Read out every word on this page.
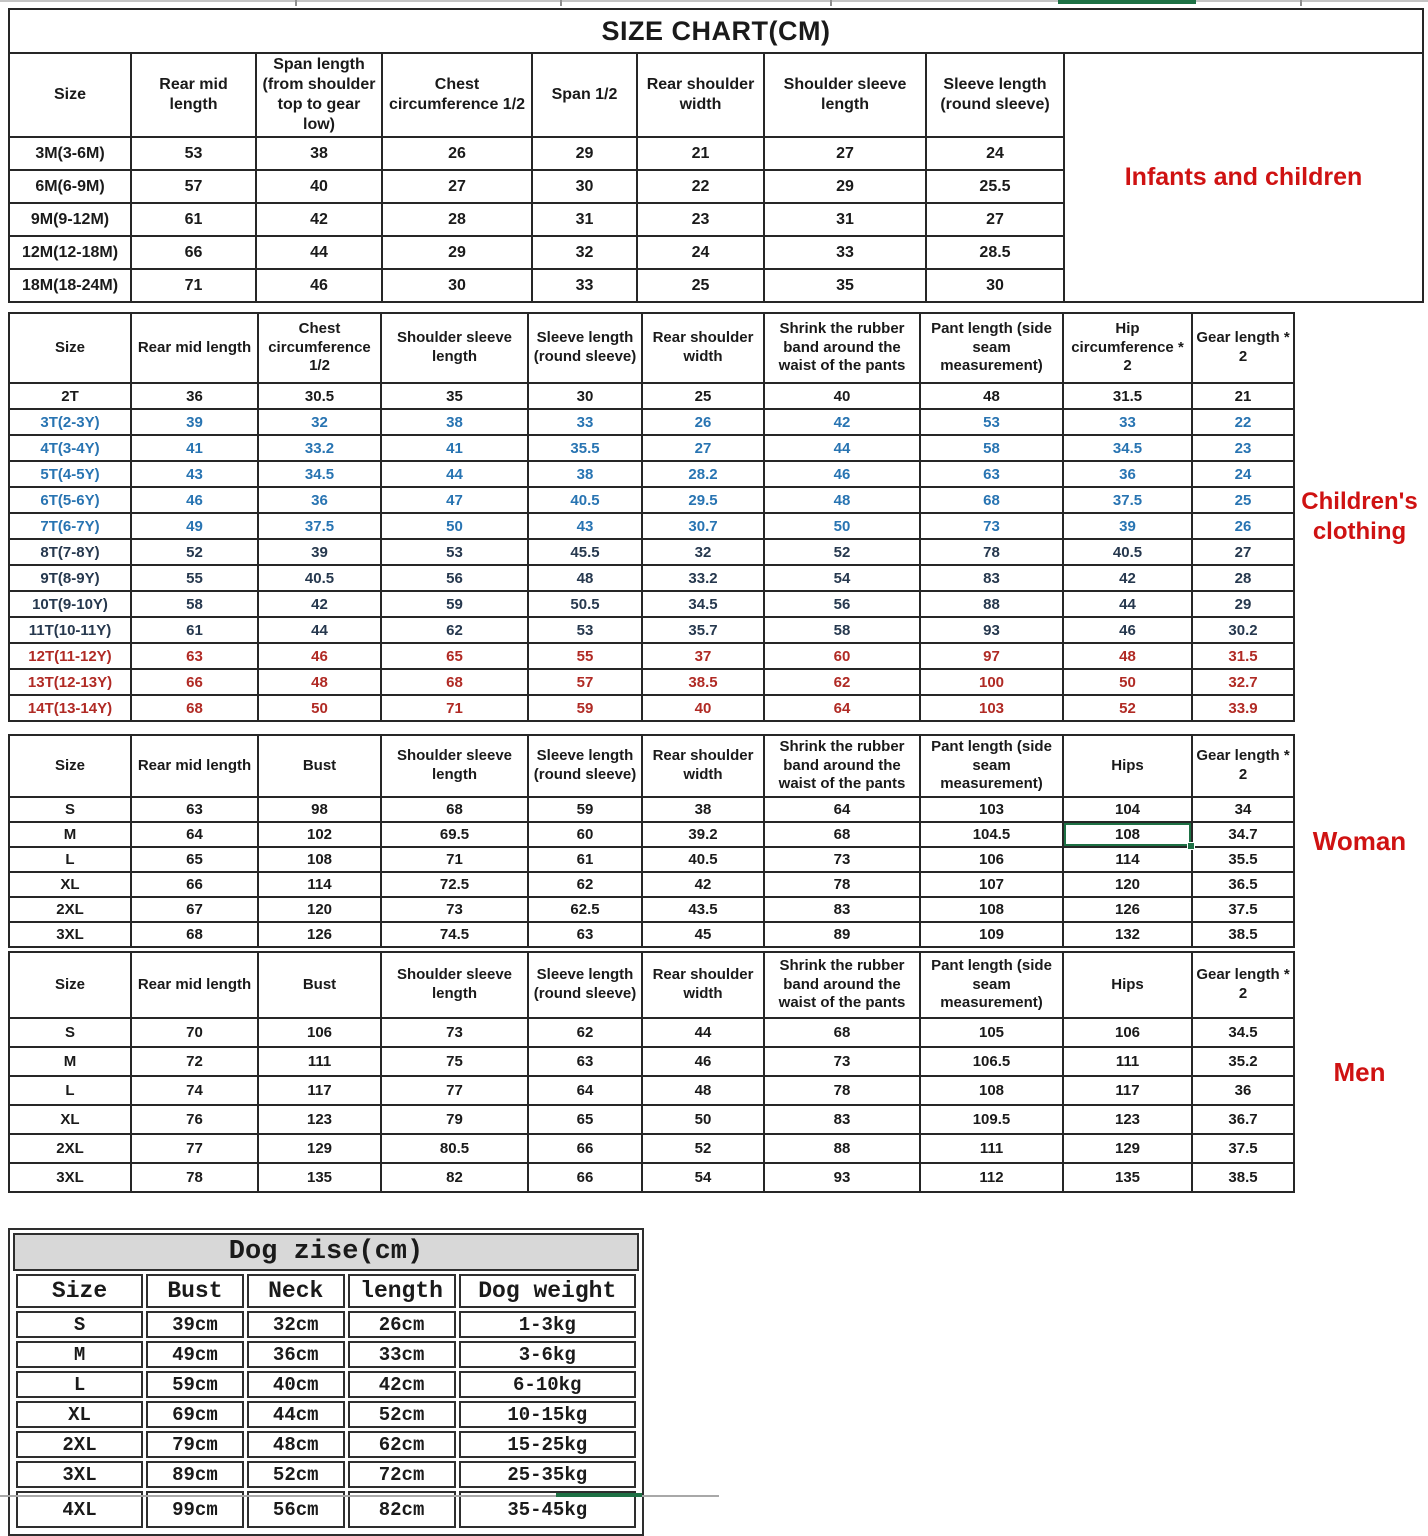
SIZE CHART(CM)
Size	Rear mid length	Span length (from shoulder top to gear low)	Chest circumference 1/2	Span 1/2	Rear shoulder width	Shoulder sleeve length	Sleeve length (round sleeve)
3M(3-6M)	53	38	26	29	21	27	24
6M(6-9M)	57	40	27	30	22	29	25.5
9M(9-12M)	61	42	28	31	23	31	27
12M(12-18M)	66	44	29	32	24	33	28.5
18M(18-24M)	71	46	30	33	25	35	30
Infants and children
Size	Rear mid length	Chest circumference 1/2	Shoulder sleeve length	Sleeve length (round sleeve)	Rear shoulder width	Shrink the rubber band around the waist of the pants	Pant length (side seam measurement)	Hip circumference * 2	Gear length * 2
2T	36	30.5	35	30	25	40	48	31.5	21
3T(2-3Y)	39	32	38	33	26	42	53	33	22
4T(3-4Y)	41	33.2	41	35.5	27	44	58	34.5	23
5T(4-5Y)	43	34.5	44	38	28.2	46	63	36	24
6T(5-6Y)	46	36	47	40.5	29.5	48	68	37.5	25
7T(6-7Y)	49	37.5	50	43	30.7	50	73	39	26
8T(7-8Y)	52	39	53	45.5	32	52	78	40.5	27
9T(8-9Y)	55	40.5	56	48	33.2	54	83	42	28
10T(9-10Y)	58	42	59	50.5	34.5	56	88	44	29
11T(10-11Y)	61	44	62	53	35.7	58	93	46	30.2
12T(11-12Y)	63	46	65	55	37	60	97	48	31.5
13T(12-13Y)	66	48	68	57	38.5	62	100	50	32.7
14T(13-14Y)	68	50	71	59	40	64	103	52	33.9
Children's clothing
Size	Rear mid length	Bust	Shoulder sleeve length	Sleeve length (round sleeve)	Rear shoulder width	Shrink the rubber band around the waist of the pants	Pant length (side seam measurement)	Hips	Gear length * 2
S	63	98	68	59	38	64	103	104	34
M	64	102	69.5	60	39.2	68	104.5	108	34.7
L	65	108	71	61	40.5	73	106	114	35.5
XL	66	114	72.5	62	42	78	107	120	36.5
2XL	67	120	73	62.5	43.5	83	108	126	37.5
3XL	68	126	74.5	63	45	89	109	132	38.5
Woman
Size	Rear mid length	Bust	Shoulder sleeve length	Sleeve length (round sleeve)	Rear shoulder width	Shrink the rubber band around the waist of the pants	Pant length (side seam measurement)	Hips	Gear length * 2
S	70	106	73	62	44	68	105	106	34.5
M	72	111	75	63	46	73	106.5	111	35.2
L	74	117	77	64	48	78	108	117	36
XL	76	123	79	65	50	83	109.5	123	36.7
2XL	77	129	80.5	66	52	88	111	129	37.5
3XL	78	135	82	66	54	93	112	135	38.5
Men
Dog zise(cm)
Size	Bust	Neck	length	Dog weight
S	39cm	32cm	26cm	1-3kg
M	49cm	36cm	33cm	3-6kg
L	59cm	40cm	42cm	6-10kg
XL	69cm	44cm	52cm	10-15kg
2XL	79cm	48cm	62cm	15-25kg
3XL	89cm	52cm	72cm	25-35kg
4XL	99cm	56cm	82cm	35-45kg
